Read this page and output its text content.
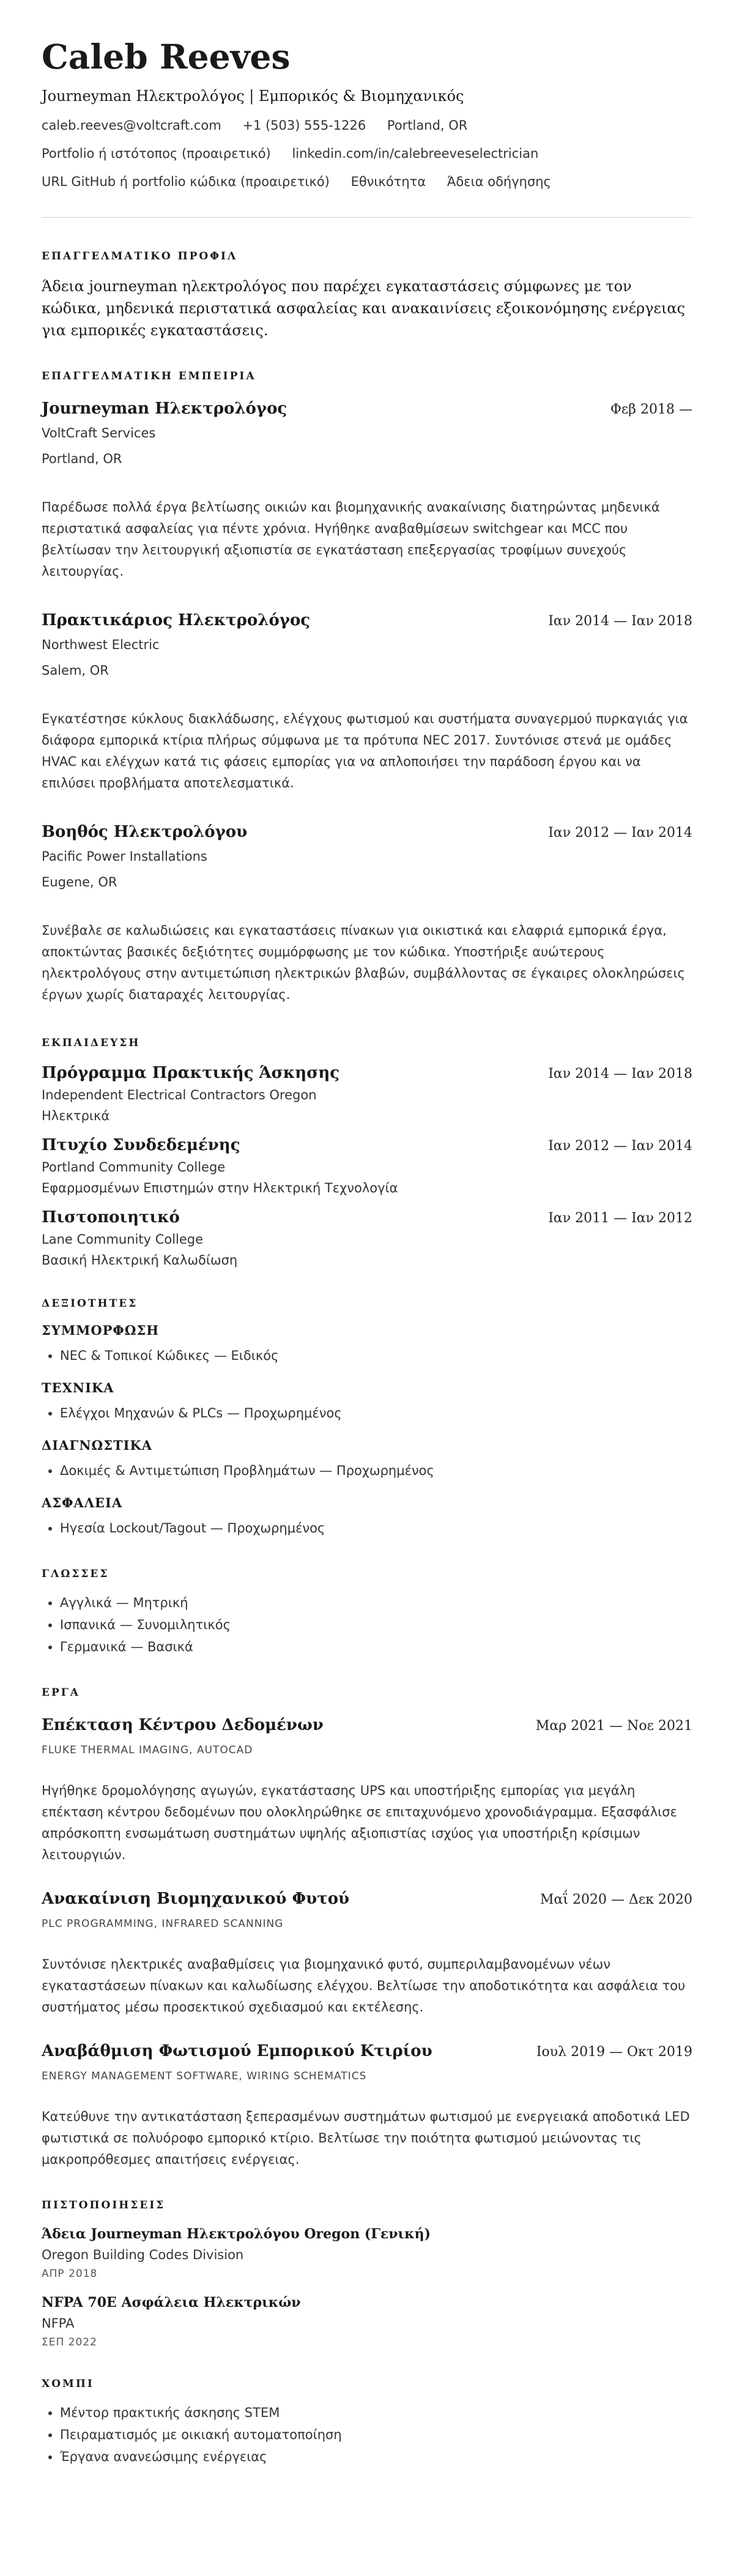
Caleb Reeves
Journeyman Ηλεκτρολόγος | Εμπορικός & Βιομηχανικός
caleb.reeves@voltcraft.com +1 (503) 555-1226 Portland, OR
Portfolio ή ιστότοπος (προαιρετικό) linkedin.com/in/calebreeveselectrician
URL GitHub ή portfolio κώδικα (προαιρετικό) Εθνικότητα Άδεια οδήγησης
ΕΠΑΓΓΕΛΜΑΤΙΚΟ ΠΡΟΦΙΛ
Άδεια journeyman ηλεκτρολόγος που παρέχει εγκαταστάσεις σύμφωνες με τον κώδικα, μηδενικά περιστατικά ασφαλείας και ανακαινίσεις εξοικονόμησης ενέργειας για εμπορικές εγκαταστάσεις.
ΕΠΑΓΓΕΛΜΑΤΙΚΗ ΕΜΠΕΙΡΙΑ
Journeyman Ηλεκτρολόγος	Φεβ 2018 —
VoltCraft Services
Portland, OR
Παρέδωσε πολλά έργα βελτίωσης οικιών και βιομηχανικής ανακαίνισης διατηρώντας μηδενικά περιστατικά ασφαλείας για πέντε χρόνια. Ηγήθηκε αναβαθμίσεων switchgear και MCC που βελτίωσαν την λειτουργική αξιοπιστία σε εγκατάσταση επεξεργασίας τροφίμων συνεχούς λειτουργίας.
Πρακτικάριος Ηλεκτρολόγος	Ιαν 2014 — Ιαν 2018
Northwest Electric
Salem, OR
Εγκατέστησε κύκλους διακλάδωσης, ελέγχους φωτισμού και συστήματα συναγερμού πυρκαγιάς για διάφορα εμπορικά κτίρια πλήρως σύμφωνα με τα πρότυπα NEC 2017. Συντόνισε στενά με ομάδες HVAC και ελέγχων κατά τις φάσεις εμπορίας για να απλοποιήσει την παράδοση έργου και να επιλύσει προβλήματα αποτελεσματικά.
Βοηθός Ηλεκτρολόγου	Ιαν 2012 — Ιαν 2014
Pacific Power Installations
Eugene, OR
Συνέβαλε σε καλωδιώσεις και εγκαταστάσεις πίνακων για οικιστικά και ελαφριά εμπορικά έργα, αποκτώντας βασικές δεξιότητες συμμόρφωσης με τον κώδικα. Υποστήριξε αυώτερους ηλεκτρολόγους στην αντιμετώπιση ηλεκτρικών βλαβών, συμβάλλοντας σε έγκαιρες ολοκληρώσεις έργων χωρίς διαταραχές λειτουργίας.
ΕΚΠΑΙΔΕΥΣΗ
Πρόγραμμα Πρακτικής Άσκησης	Ιαν 2014 — Ιαν 2018
Independent Electrical Contractors Oregon
Ηλεκτρικά
Πτυχίο Συνδεδεμένης	Ιαν 2012 — Ιαν 2014
Portland Community College
Εφαρμοσμένων Επιστημών στην Ηλεκτρική Τεχνολογία
Πιστοποιητικό	Ιαν 2011 — Ιαν 2012
Lane Community College
Βασική Ηλεκτρική Καλωδίωση
ΔΕΞΙΟΤΗΤΕΣ
ΣΥΜΜΟΡΦΩΣΗ
• NEC & Τοπικοί Κώδικες — Ειδικός
ΤΕΧΝΙΚΑ
• Ελέγχοι Μηχανών & PLCs — Προχωρημένος
ΔΙΑΓΝΩΣΤΙΚΑ
• Δοκιμές & Αντιμετώπιση Προβλημάτων — Προχωρημένος
ΑΣΦΑΛΕΙΑ
• Ηγεσία Lockout/Tagout — Προχωρημένος
ΓΛΩΣΣΕΣ
• Αγγλικά — Μητρική
• Ισπανικά — Συνομιλητικός
• Γερμανικά — Βασικά
ΕΡΓΑ
Επέκταση Κέντρου Δεδομένων	Μαρ 2021 — Νοε 2021
FLUKE THERMAL IMAGING, AUTOCAD
Ηγήθηκε δρομολόγησης αγωγών, εγκατάστασης UPS και υποστήριξης εμπορίας για μεγάλη επέκταση κέντρου δεδομένων που ολοκληρώθηκε σε επιταχυνόμενο χρονοδιάγραμμα. Εξασφάλισε απρόσκοπτη ενσωμάτωση συστημάτων υψηλής αξιοπιστίας ισχύος για υποστήριξη κρίσιμων λειτουργιών.
Ανακαίνιση Βιομηχανικού Φυτού	Μαΐ 2020 — Δεκ 2020
PLC PROGRAMMING, INFRARED SCANNING
Συντόνισε ηλεκτρικές αναβαθμίσεις για βιομηχανικό φυτό, συμπεριλαμβανομένων νέων εγκαταστάσεων πίνακων και καλωδίωσης ελέγχου. Βελτίωσε την αποδοτικότητα και ασφάλεια του συστήματος μέσω προσεκτικού σχεδιασμού και εκτέλεσης.
Αναβάθμιση Φωτισμού Εμπορικού Κτιρίου	Ιουλ 2019 — Οκτ 2019
ENERGY MANAGEMENT SOFTWARE, WIRING SCHEMATICS
Κατεύθυνε την αντικατάσταση ξεπερασμένων συστημάτων φωτισμού με ενεργειακά αποδοτικά LED φωτιστικά σε πολυόροφο εμπορικό κτίριο. Βελτίωσε την ποιότητα φωτισμού μειώνοντας τις μακροπρόθεσμες απαιτήσεις ενέργειας.
ΠΙΣΤΟΠΟΙΗΣΕΙΣ
Άδεια Journeyman Ηλεκτρολόγου Oregon (Γενική)
Oregon Building Codes Division
ΑΠΡ 2018
NFPA 70E Ασφάλεια Ηλεκτρικών
NFPA
ΣΕΠ 2022
ΧΟΜΠΙ
• Μέντορ πρακτικής άσκησης STEM
• Πειραματισμός με οικιακή αυτοματοποίηση
• Έργανα ανανεώσιμης ενέργειας
